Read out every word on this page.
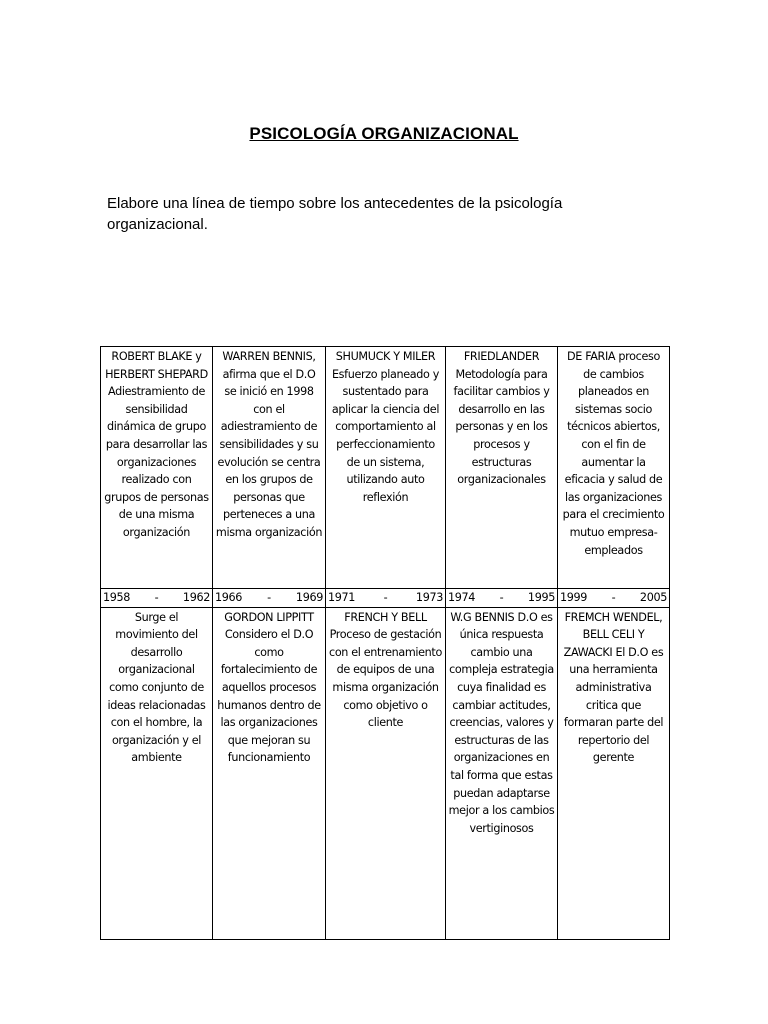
PSICOLOGÍA ORGANIZACIONAL
Elabore una línea de tiempo sobre los antecedentes de la psicología organizacional.
ROBERT BLAKE y HERBERT SHEPARD Adiestramiento de sensibilidad dinámica de grupo para desarrollar las organizaciones realizado con grupos de personas de una misma organización	WARREN BENNIS, afirma que el D.O se inició en 1998 con el adiestramiento de sensibilidades y su evolución se centra en los grupos de personas que perteneces a una misma organización	SHUMUCK Y MILER Esfuerzo planeado y sustentado para aplicar la ciencia del comportamiento al perfeccionamiento de un sistema, utilizando auto reflexión	FRIEDLANDER Metodología para facilitar cambios y desarrollo en las personas y en los procesos y estructuras organizacionales	DE FARIA proceso de cambios planeados en sistemas socio técnicos abiertos, con el fin de aumentar la eficacia y salud de las organizaciones para el crecimiento mutuo empresa-empleados

1958 - 1962	1966 - 1969	1971 - 1973	1974 - 1995	1999 - 2005

Surge el movimiento del desarrollo organizacional como conjunto de ideas relacionadas con el hombre, la organización y el ambiente	GORDON LIPPITT Considero el D.O como fortalecimiento de aquellos procesos humanos dentro de las organizaciones que mejoran su funcionamiento	FRENCH Y BELL Proceso de gestación con el entrenamiento de equipos de una misma organización como objetivo o cliente	W.G BENNIS D.O es única respuesta cambio una compleja estrategia cuya finalidad es cambiar actitudes, creencias, valores y estructuras de las organizaciones en tal forma que estas puedan adaptarse mejor a los cambios vertiginosos	FREMCH WENDEL, BELL CELI Y ZAWACKI El D.O es una herramienta administrativa critica que formaran parte del repertorio del gerente
